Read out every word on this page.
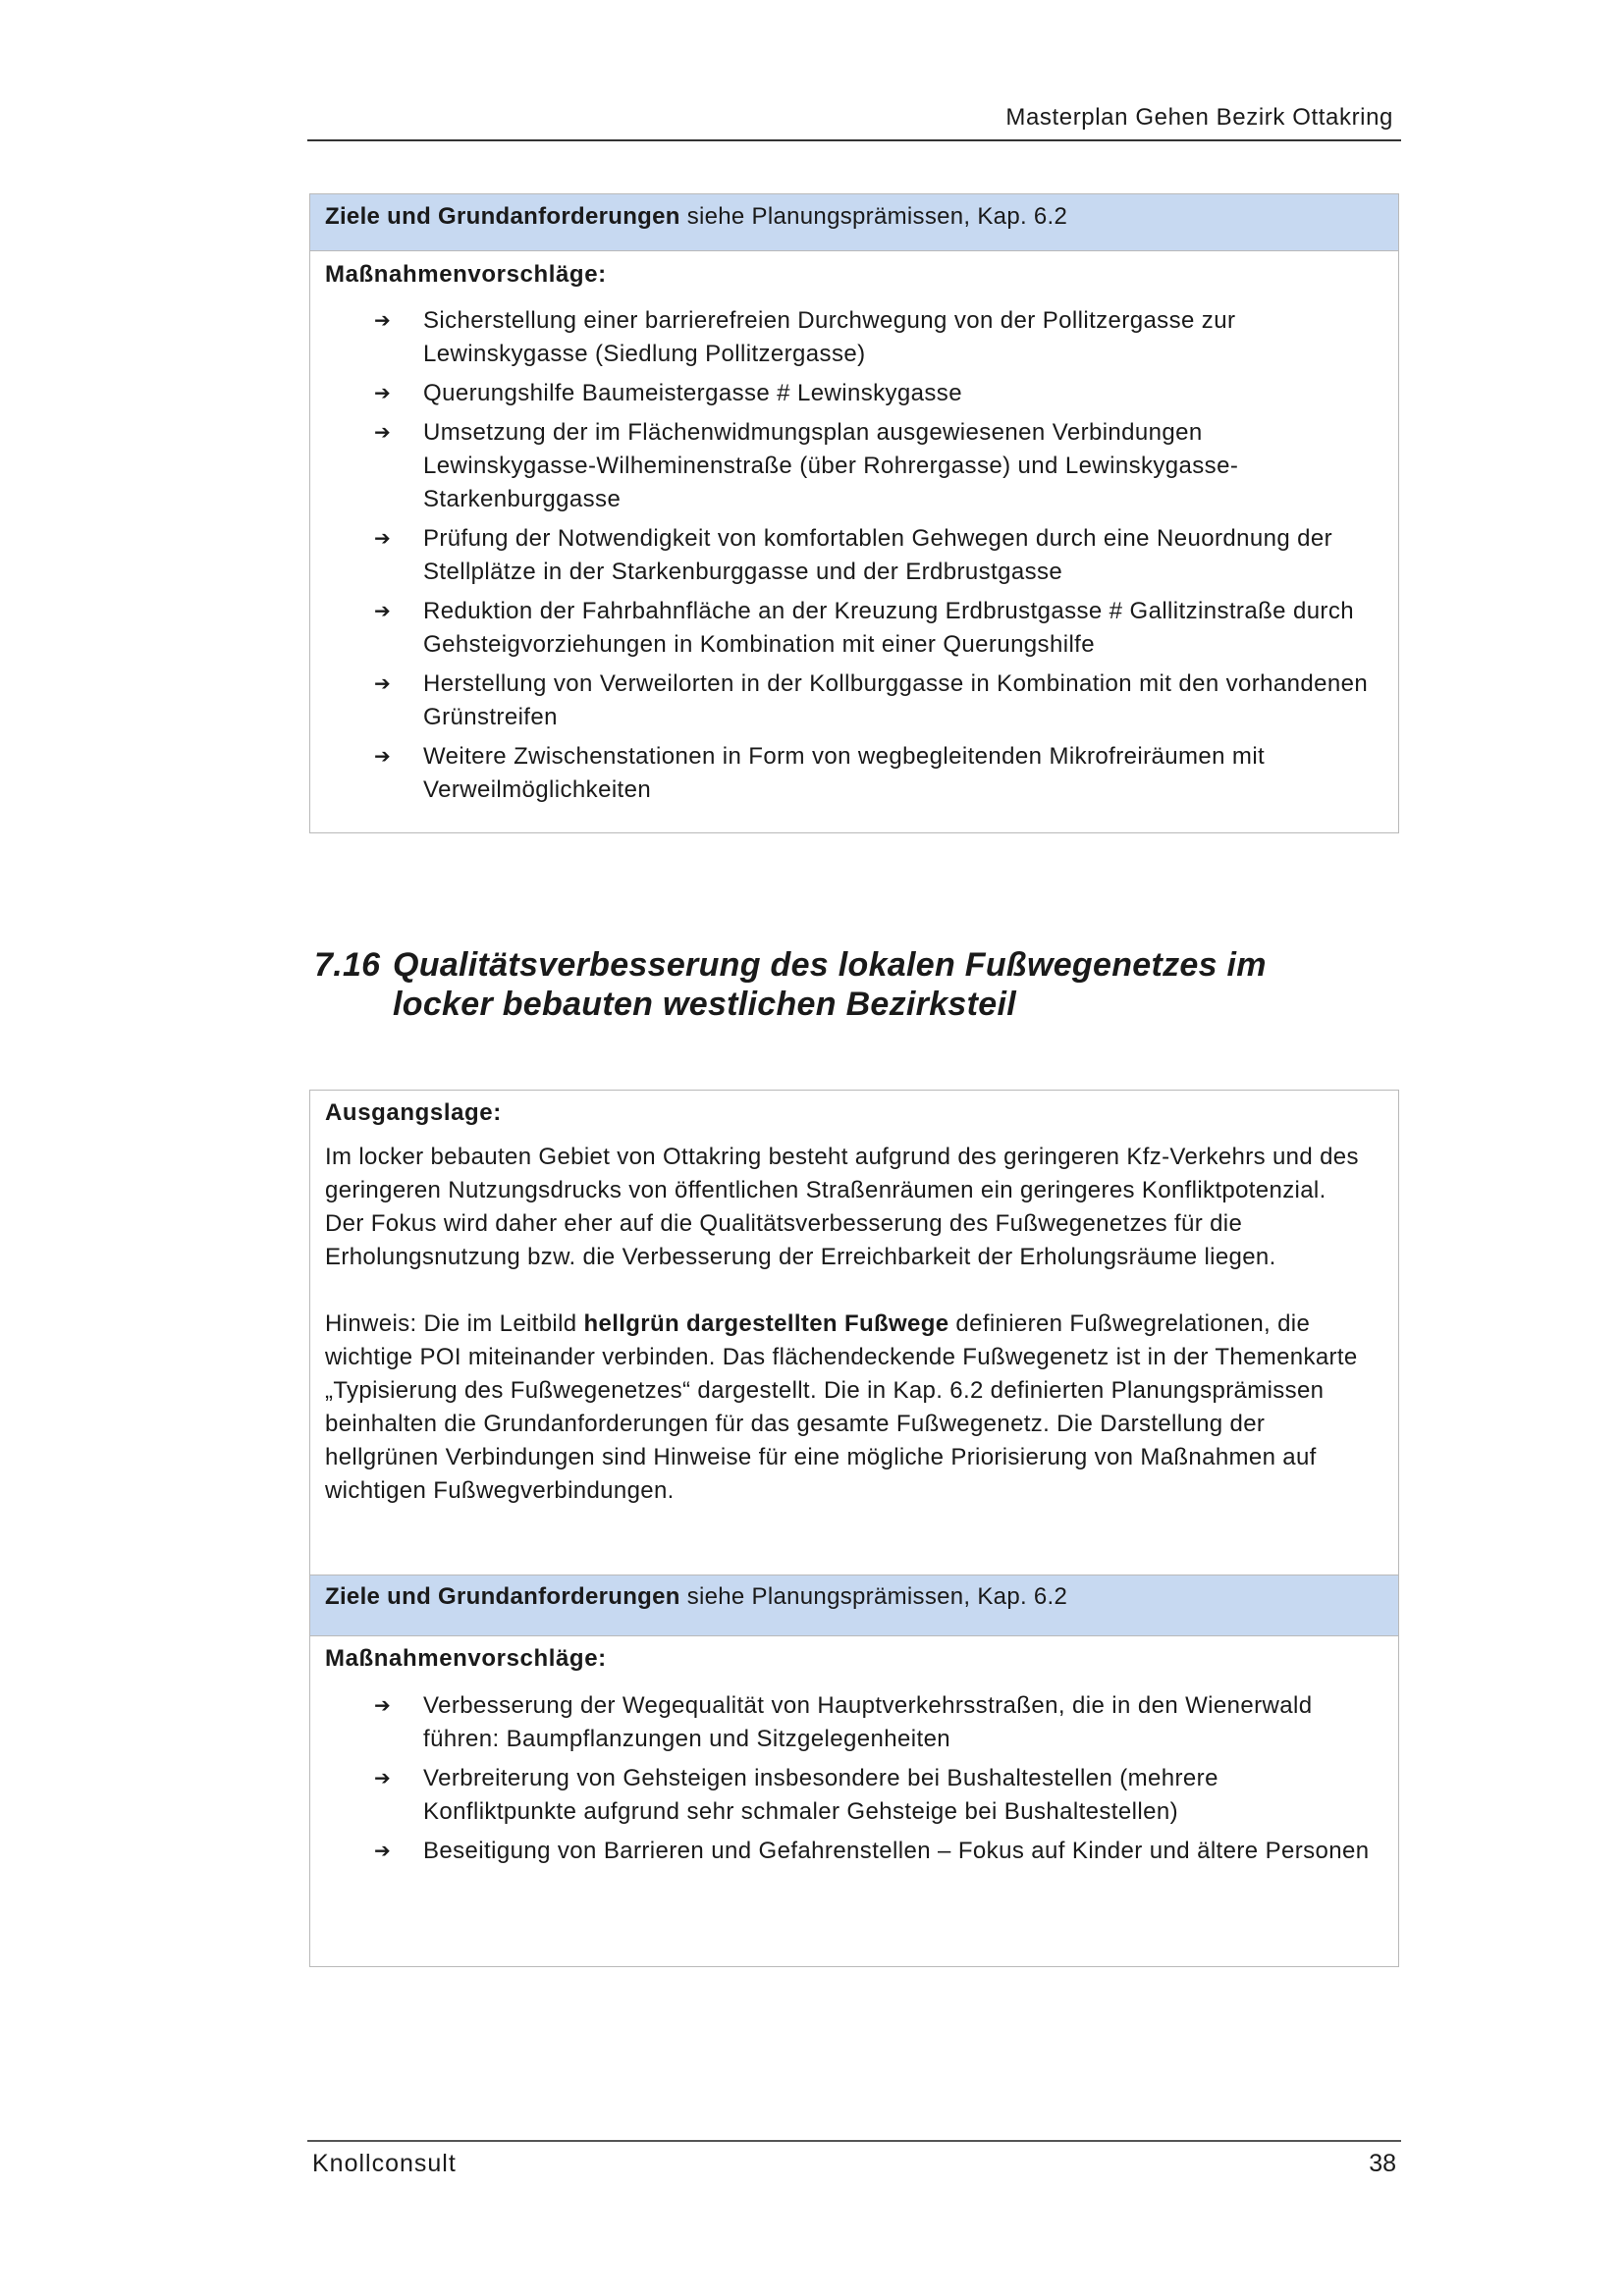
Masterplan Gehen Bezirk Ottakring
Ziele und Grundanforderungen siehe Planungsprämissen, Kap. 6.2
Maßnahmenvorschläge:
➔ Sicherstellung einer barrierefreien Durchwegung von der Pollitzergasse zur Lewinskygasse (Siedlung Pollitzergasse)
➔ Querungshilfe Baumeistergasse # Lewinskygasse
➔ Umsetzung der im Flächenwidmungsplan ausgewiesenen Verbindungen Lewinskygasse-Wilheminenstraße (über Rohrergasse) und Lewinskygasse-Starkenburggasse
➔ Prüfung der Notwendigkeit von komfortablen Gehwegen durch eine Neuordnung der Stellplätze in der Starkenburggasse und der Erdbrustgasse
➔ Reduktion der Fahrbahnfläche an der Kreuzung Erdbrustgasse # Gallitzinstraße durch Gehsteigvorziehungen in Kombination mit einer Querungshilfe
➔ Herstellung von Verweilorten in der Kollburggasse in Kombination mit den vorhandenen Grünstreifen
➔ Weitere Zwischenstationen in Form von wegbegleitenden Mikrofreiräumen mit Verweilmöglichkeiten
7.16 Qualitätsverbesserung des lokalen Fußwegenetzes im
locker bebauten westlichen Bezirksteil
Ausgangslage:

Im locker bebauten Gebiet von Ottakring besteht aufgrund des geringeren Kfz-Verkehrs und des geringeren Nutzungsdrucks von öffentlichen Straßenräumen ein geringeres Konfliktpotenzial.

Der Fokus wird daher eher auf die Qualitätsverbesserung des Fußwegenetzes für die Erholungsnutzung bzw. die Verbesserung der Erreichbarkeit der Erholungsräume liegen.

Hinweis: Die im Leitbild hellgrün dargestellten Fußwege definieren Fußwegrelationen, die wichtige POI miteinander verbinden. Das flächendeckende Fußwegenetz ist in der Themenkarte „Typisierung des Fußwegenetzes“ dargestellt. Die in Kap. 6.2 definierten Planungsprämissen beinhalten die Grundanforderungen für das gesamte Fußwegenetz. Die Darstellung der hellgrünen Verbindungen sind Hinweise für eine mögliche Priorisierung von Maßnahmen auf wichtigen Fußwegverbindungen.

Ziele und Grundanforderungen siehe Planungsprämissen, Kap. 6.2
Maßnahmenvorschläge:
➔ Verbesserung der Wegequalität von Hauptverkehrsstraßen, die in den Wienerwald führen: Baumpflanzungen und Sitzgelegenheiten
➔ Verbreiterung von Gehsteigen insbesondere bei Bushaltestellen (mehrere Konfliktpunkte aufgrund sehr schmaler Gehsteige bei Bushaltestellen)
➔ Beseitigung von Barrieren und Gefahrenstellen – Fokus auf Kinder und ältere Personen
Knollconsult	38
